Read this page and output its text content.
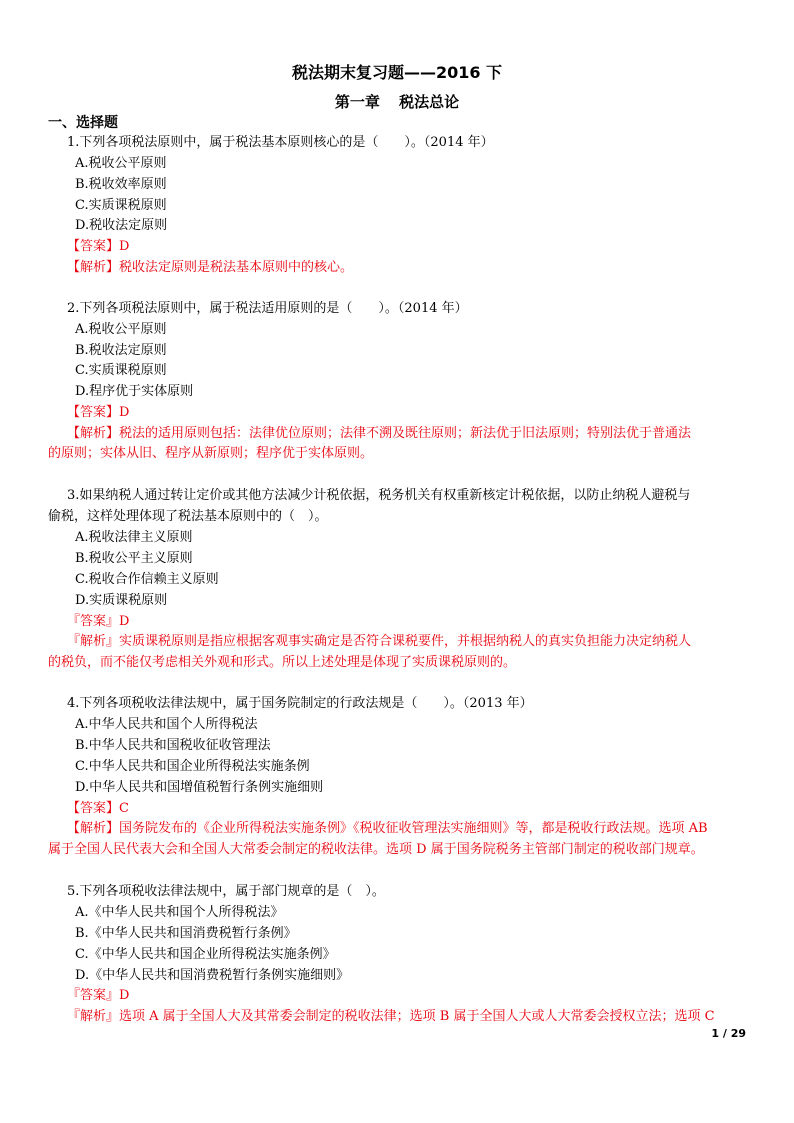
税法期末复习题——2016 下
第一章 税法总论
一、选择题
1.下列各项税法原则中，属于税法基本原则核心的是（　　）。（2014 年）
A.税收公平原则
B.税收效率原则
C.实质课税原则
D.税收法定原则
【答案】D
【解析】税收法定原则是税法基本原则中的核心。
2.下列各项税法原则中，属于税法适用原则的是（　　）。（2014 年）
A.税收公平原则
B.税收法定原则
C.实质课税原则
D.程序优于实体原则
【答案】D
【解析】税法的适用原则包括：法律优位原则；法律不溯及既往原则；新法优于旧法原则；特别法优于普通法
的原则；实体从旧、程序从新原则；程序优于实体原则。
3.如果纳税人通过转让定价或其他方法减少计税依据，税务机关有权重新核定计税依据，以防止纳税人避税与
偷税，这样处理体现了税法基本原则中的（　）。
A.税收法律主义原则
B.税收公平主义原则
C.税收合作信赖主义原则
D.实质课税原则
『答案』D
『解析』实质课税原则是指应根据客观事实确定是否符合课税要件，并根据纳税人的真实负担能力决定纳税人
的税负，而不能仅考虑相关外观和形式。所以上述处理是体现了实质课税原则的。
4.下列各项税收法律法规中，属于国务院制定的行政法规是（　　）。（2013 年）
A.中华人民共和国个人所得税法
B.中华人民共和国税收征收管理法
C.中华人民共和国企业所得税法实施条例
D.中华人民共和国增值税暂行条例实施细则
【答案】C
【解析】国务院发布的《企业所得税法实施条例》《税收征收管理法实施细则》等，都是税收行政法规。选项 AB
属于全国人民代表大会和全国人大常委会制定的税收法律。选项 D 属于国务院税务主管部门制定的税收部门规章。
5.下列各项税收法律法规中，属于部门规章的是（　）。
A.《中华人民共和国个人所得税法》
B.《中华人民共和国消费税暂行条例》
C.《中华人民共和国企业所得税法实施条例》
D.《中华人民共和国消费税暂行条例实施细则》
『答案』D
『解析』选项 A 属于全国人大及其常委会制定的税收法律；选项 B 属于全国人大或人大常委会授权立法；选项 C
1 / 29
